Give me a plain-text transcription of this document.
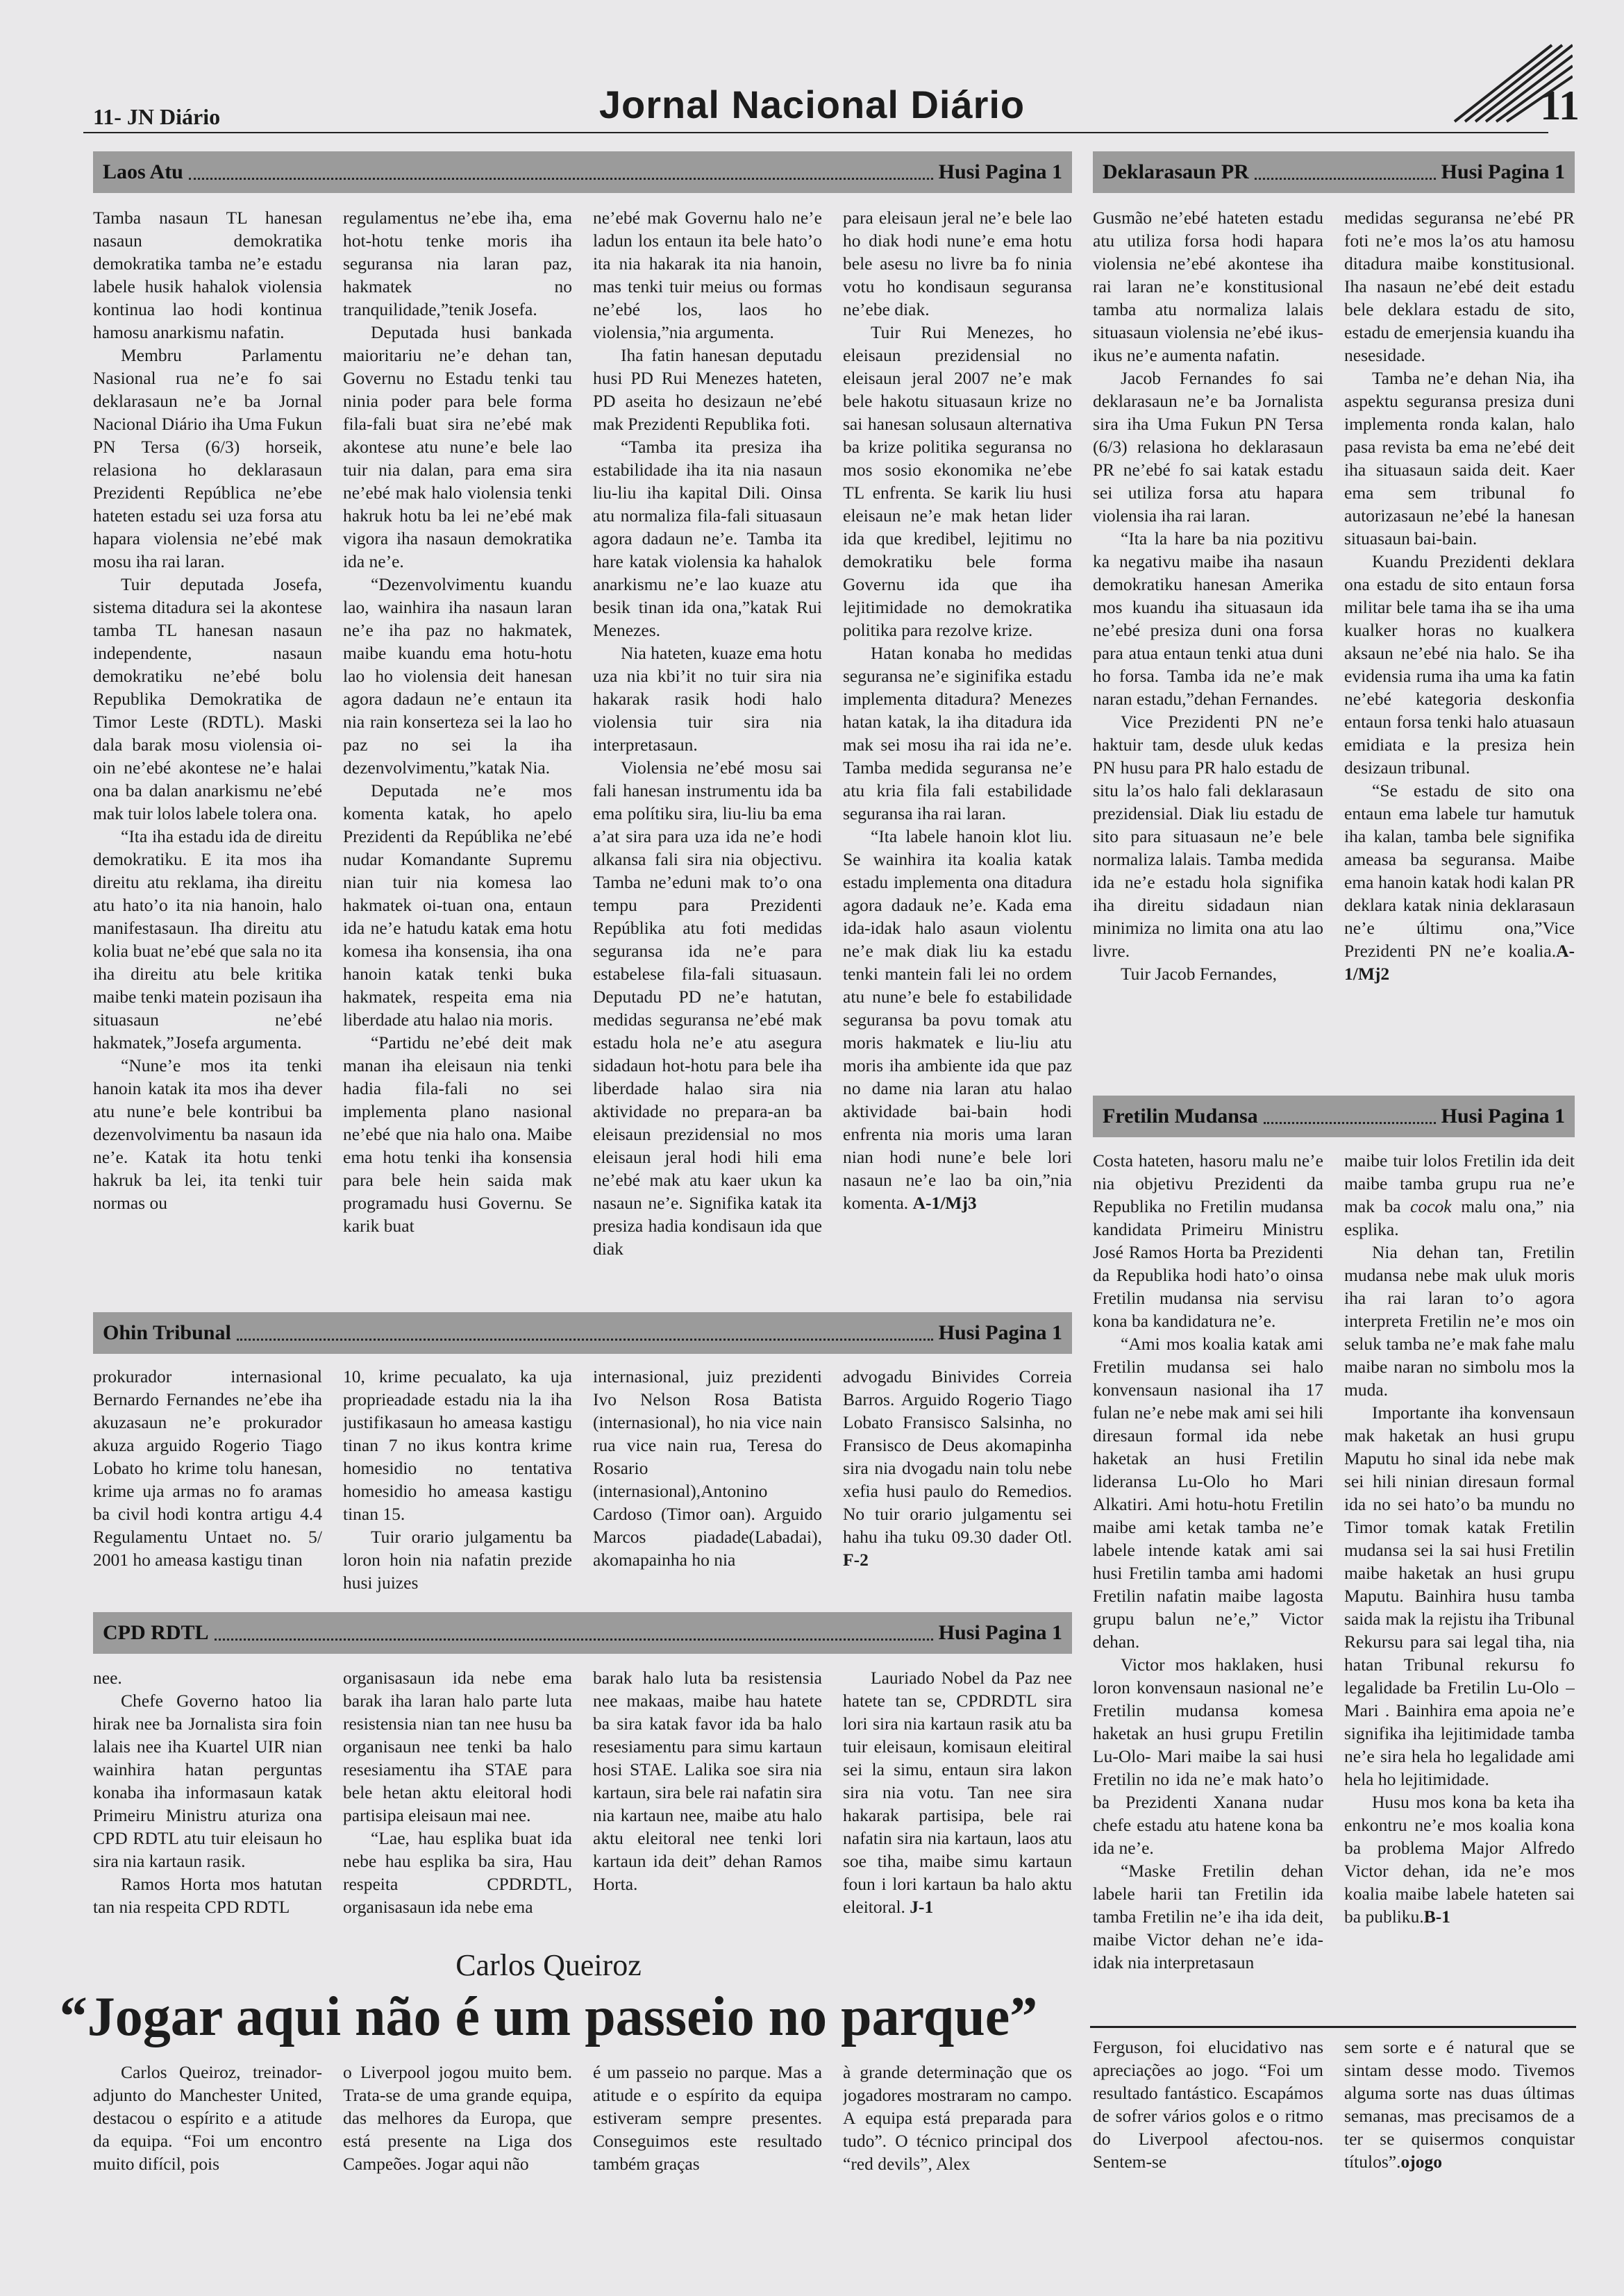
Jornal Nacional Diário
11- JN Diário	11
Laos Atu	Husi Pagina 1 Deklarasaun PR	Husi Pagina 1
Ohin Tribunal	Husi Pagina 1
Fretilin Mudansa	Husi Pagina 1
CPD RDTL	Husi Pagina 1

Tamba nasaun TL hanesan nasaun demokratika demokratika tamba ne’e estadu labele husik hahalok violensia kontinua lao hodi kontinua hamosu anarkismu nafatin.

Membru Parlamentu Nasional rua ne’e fo sai deklarasaun ne’e ba Jornal Nacional Diário iha Uma Fukun PN Tersa (6/3) horseik, relasiona ho deklarasaun Prezidenti República ne’ebe hateten estadu sei uza forsa atu hapara violensia ne’ebé mak mosu iha rai laran.

Tuir deputada Josefa, sistema ditadura sei la akontese tamba TL hanesan nasaun independente, nasaun demokratiku ne’ebé bolu Republika Demokratika de Timor Leste (RDTL). Maski dala barak mosu violensia oi-oin ne’ebé akontese ne’e halai ona ba dalan anarkismu ne’ebé mak tuir lolos labele tolera ona.

“Ita iha estadu ida de direitu demokratiku. E ita mos iha direitu atu reklama, iha direitu atu hato’o ita nia hanoin, halo manifestasaun. Iha direitu atu kolia buat ne’ebé que sala no ita iha direitu atu bele kritika maibe tenki matein pozisaun iha situasaun ne’ebé hakmatek,”Josefa argumenta.

“Nune’e mos ita tenki hanoin katak ita mos iha dever atu nune’e bele kontribui ba dezenvolvimentu ba nasaun ida ne’e. Katak ita hotu tenki hakruk ba lei, ita tenki tuir normas ou

regulamentus ne’ebe iha, ema hot-hotu tenke moris iha seguransa nia laran paz, hakmatek no tranquilidade,”tenik Josefa.

Deputada husi bankada maioritariu ne’e dehan tan, Governu no Estadu tenki tau ninia poder para bele forma fila-fali buat sira ne’ebé mak akontese atu nune’e bele lao tuir nia dalan, para ema sira ne’ebé mak halo violensia tenki hakruk hotu ba lei ne’ebé mak vigora iha nasaun demokratika ida ne’e.

“Dezenvolvimentu kuandu lao, wainhira iha nasaun laran ne’e iha paz no hakmatek, maibe kuandu ema hotu-hotu lao ho violensia deit hanesan agora dadaun ne’e entaun ita nia rain konserteza sei la lao ho paz no sei la iha dezenvolvimentu,”katak Nia.

Deputada ne’e mos komenta katak, ho apelo Prezidenti da Repúblika ne’ebé nudar Komandante Supremu nian tuir nia komesa lao hakmatek oi-tuan ona, entaun ida ne’e hatudu katak ema hotu komesa iha konsensia, iha ona hanoin katak tenki buka hakmatek, respeita ema nia liberdade atu halao nia moris.

“Partidu ne’ebé deit mak manan iha eleisaun nia tenki hadia fila-fali no sei implementa plano nasional ne’ebé que nia halo ona. Maibe ema hotu tenki iha konsensia para bele hein saida mak programadu husi Governu. Se karik buat

ne’ebé mak Governu halo ne’e ladun los entaun ita bele hato’o ita nia hakarak ita nia hanoin, mas tenki tuir meius ou formas ne’ebé los, laos ho violensia,”nia argumenta.

Iha fatin hanesan deputadu husi PD Rui Menezes hateten, PD aseita ho desizaun ne’ebé mak Prezidenti Republika foti.

“Tamba ita presiza iha estabilidade iha ita nia nasaun liu-liu iha kapital Dili. Oinsa atu normaliza fila-fali situasaun agora dadaun ne’e. Tamba ita hare katak violensia ka hahalok anarkismu ne’e lao kuaze atu besik tinan ida ona,”katak Rui Menezes.

Nia hateten, kuaze ema hotu uza nia kbi’it no tuir sira nia hakarak rasik hodi halo violensia tuir sira nia interpretasaun.

Violensia ne’ebé mosu sai fali hanesan instrumentu ida ba ema polítiku sira, liu-liu ba ema a’at sira para uza ida ne’e hodi alkansa fali sira nia objectivu. Tamba ne’eduni mak to’o ona tempu para Prezidenti Repúblika atu foti medidas seguransa ida ne’e para estabelese fila-fali situasaun. Deputadu PD ne’e hatutan, medidas seguransa ne’ebé mak estadu hola ne’e atu asegura sidadaun hot-hotu para bele iha liberdade halao sira nia aktividade no prepara-an ba eleisaun prezidensial no mos eleisaun jeral hodi hili ema ne’ebé mak atu kaer ukun ka nasaun ne’e. Signifika katak ita presiza hadia kondisaun ida que diak

para eleisaun jeral ne’e bele lao ho diak hodi nune’e ema hotu bele asesu no livre ba fo ninia votu ho kondisaun seguransa ne’ebe diak.

Tuir Rui Menezes, ho eleisaun prezidensial no eleisaun jeral 2007 ne’e mak bele hakotu situasaun krize no sai hanesan solusaun alternativa ba krize politika seguransa no mos sosio ekonomika ne’ebe TL enfrenta. Se karik liu husi eleisaun ne’e mak hetan lider ida que kredibel, lejitimu no demokratiku bele forma Governu ida que iha lejitimidade no demokratika politika para rezolve krize.

Hatan konaba ho medidas seguransa ne’e siginifika estadu implementa ditadura? Menezes hatan katak, la iha ditadura ida mak sei mosu iha rai ida ne’e. Tamba medida seguransa ne’e atu kria fila fali estabilidade seguransa iha rai laran.

“Ita labele hanoin klot liu. Se wainhira ita koalia katak estadu implementa ona ditadura agora dadauk ne’e. Kada ema ida-idak halo asaun violentu ne’e mak diak liu ka estadu tenki mantein fali lei no ordem atu nune’e bele fo estabilidade seguransa ba povu tomak atu moris hakmatek e liu-liu atu moris iha ambiente ida que paz no dame nia laran atu halao aktividade bai-bain hodi enfrenta nia moris uma laran nian hodi nune’e bele lori nasaun ne’e lao ba oin,”nia komenta. A-1/Mj3

Gusmão ne’ebé hateten estadu atu utiliza forsa hodi hapara violensia ne’ebé akontese iha rai laran ne’e konstitusional tamba atu normaliza lalais situasaun violensia ne’ebé ikus-ikus ne’e aumenta nafatin.

Jacob Fernandes fo sai deklarasaun ne’e ba Jornalista sira iha Uma Fukun PN Tersa (6/3) relasiona ho deklarasaun PR ne’ebé fo sai katak estadu sei utiliza forsa atu hapara violensia iha rai laran.

“Ita la hare ba nia pozitivu ka negativu maibe iha nasaun demokratiku hanesan Amerika mos kuandu iha situasaun ida ne’ebé presiza duni ona forsa para atua entaun tenki atua duni ho forsa. Tamba ida ne’e mak naran estadu,”dehan Fernandes.

Vice Prezidenti PN ne’e haktuir tam, desde uluk kedas PN husu para PR halo estadu de situ la’os halo fali deklarasaun prezidensial. Diak liu estadu de sito para situasaun ne’e bele normaliza lalais. Tamba medida ida ne’e estadu hola signifika iha direitu sidadaun nian minimiza no limita ona atu lao livre.

Tuir Jacob Fernandes,

medidas seguransa ne’ebé PR foti ne’e mos la’os atu hamosu ditadura maibe konstitusional. Iha nasaun ne’ebé deit estadu bele deklara estadu de sito, estadu de emerjensia kuandu iha nesesidade.

Tamba ne’e dehan Nia, iha aspektu seguransa presiza duni implementa ronda kalan, halo pasa revista ba ema ne’ebé deit iha situasaun saida deit. Kaer ema sem tribunal fo autorizasaun ne’ebé la hanesan situasaun bai-bain.

Kuandu Prezidenti deklara ona estadu de sito entaun forsa militar bele tama iha se iha uma kualker horas no kualkera aksaun ne’ebé nia halo. Se iha evidensia ruma iha uma ka fatin ne’ebé kategoria deskonfia entaun forsa tenki halo atuasaun emidiata e la presiza hein desizaun tribunal.

“Se estadu de sito ona entaun ema labele tur hamutuk iha kalan, tamba bele signifika ameasa ba seguransa. Maibe ema hanoin katak hodi kalan PR deklara katak ninia deklarasaun ne’e últimu ona,”Vice Prezidenti PN ne’e koalia.A-1/Mj2

prokurador internasional Bernardo Fernandes ne’ebe iha akuzasaun ne’e prokurador akuza arguido Rogerio Tiago Lobato ho krime tolu hanesan, krime uja armas no fo aramas ba civil hodi kontra artigu 4.4 Regulamentu Untaet no. 5/ 2001 ho ameasa kastigu tinan

10, krime pecualato, ka uja proprieadade estadu nia la iha justifikasaun ho ameasa kastigu tinan 7 no ikus kontra krime homesidio no tentativa homesidio ho ameasa kastigu tinan 15.

Tuir orario julgamentu ba loron hoin nia nafatin prezide husi juizes

internasional, juiz prezidenti Ivo Nelson Rosa Batista (internasional), ho nia vice nain rua vice nain rua, Teresa do Rosario (internasional),Antonino Cardoso (Timor oan). Arguido Marcos piadade(Labadai), akomapainha ho nia

advogadu Binivides Correia Barros. Arguido Rogerio Tiago Lobato Fransisco Salsinha, no Fransisco de Deus akomapinha sira nia dvogadu nain tolu nebe xefia husi paulo do Remedios. No tuir orario julgamentu sei hahu iha tuku 09.30 dader Otl. F-2

nee.

Chefe Governo hatoo lia hirak nee ba Jornalista sira foin lalais nee iha Kuartel UIR nian wainhira hatan perguntas konaba iha informasaun katak Primeiru Ministru aturiza ona CPD RDTL atu tuir eleisaun ho sira nia kartaun rasik.

Ramos Horta mos hatutan tan nia respeita CPD RDTL

organisasaun ida nebe ema barak iha laran halo parte luta resistensia nian tan nee husu ba organisaun nee tenki ba halo resesiamentu iha STAE para bele hetan aktu eleitoral hodi partisipa eleisaun mai nee.

“Lae, hau esplika buat ida nebe hau esplika ba sira, Hau respeita CPDRDTL, organisasaun ida nebe ema

barak halo luta ba resistensia nee makaas, maibe hau hatete ba sira katak favor ida ba halo resesiamentu para simu kartaun hosi STAE. Lalika soe sira nia kartaun, sira bele rai nafatin sira nia kartaun nee, maibe atu halo aktu eleitoral nee tenki lori kartaun ida deit” dehan Ramos Horta.

Lauriado Nobel da Paz nee hatete tan se, CPDRDTL sira lori sira nia kartaun rasik atu ba tuir eleisaun, komisaun eleitiral sei la simu, entaun sira lakon sira nia votu. Tan nee sira hakarak partisipa, bele rai nafatin sira nia kartaun, laos atu soe tiha, maibe simu kartaun foun i lori kartaun ba halo aktu eleitoral. J-1

Costa hateten, hasoru malu ne’e nia objetivu Prezidenti da Republika no Fretilin mudansa kandidata Primeiru Ministru José Ramos Horta ba Prezidenti da Republika hodi hato’o oinsa Fretilin mudansa nia servisu kona ba kandidatura ne’e.

“Ami mos koalia katak ami Fretilin mudansa sei halo konvensaun nasional iha 17 fulan ne’e nebe mak ami sei hili diresaun formal ida nebe haketak an husi Fretilin lideransa Lu-Olo ho Mari Alkatiri. Ami hotu-hotu Fretilin maibe ami ketak tamba ne’e labele intende katak ami sai husi Fretilin tamba ami hadomi Fretilin nafatin maibe lagosta grupu balun ne’e,” Victor dehan.

Victor mos haklaken, husi loron konvensaun nasional ne’e Fretilin mudansa komesa haketak an husi grupu Fretilin Lu-Olo- Mari maibe la sai husi Fretilin no ida ne’e mak hato’o ba Prezidenti Xanana nudar chefe estadu atu hatene kona ba ida ne’e.

“Maske Fretilin dehan labele harii tan Fretilin ida tamba Fretilin ne’e iha ida deit, maibe Victor dehan ne’e ida-idak nia interpretasaun

maibe tuir lolos Fretilin ida deit maibe tamba grupu rua ne’e mak ba cocok malu ona,” nia esplika.

Nia dehan tan, Fretilin mudansa nebe mak uluk moris iha rai laran to’o agora interpreta Fretilin ne’e mos oin seluk tamba ne’e mak fahe malu maibe naran no simbolu mos la muda.

Importante iha konvensaun mak haketak an husi grupu Maputu ho sinal ida nebe mak sei hili ninian diresaun formal ida no sei hato’o ba mundu no Timor tomak katak Fretilin mudansa sei la sai husi Fretilin maibe haketak an husi grupu Maputu. Bainhira husu tamba saida mak la rejistu iha Tribunal Rekursu para sai legal tiha, nia hatan Tribunal rekursu fo legalidade ba Fretilin Lu-Olo –Mari . Bainhira ema apoia ne’e signifika iha lejitimidade tamba ne’e sira hela ho legalidade ami hela ho lejitimidade.

Husu mos kona ba keta iha enkontru ne’e mos koalia kona ba problema Major Alfredo Victor dehan, ida ne’e mos koalia maibe labele hateten sai ba publiku.B-1

Carlos Queiroz
“Jogar aqui não é um passeio no parque”

Carlos Queiroz, treinador-adjunto do Manchester United, destacou o espírito e a atitude da equipa. “Foi um encontro muito difícil, pois

o Liverpool jogou muito bem. Trata-se de uma grande equipa, das melhores da Europa, que está presente na Liga dos Campeões. Jogar aqui não

é um passeio no parque. Mas a atitude e o espírito da equipa estiveram sempre presentes. Conseguimos este resultado também graças

à grande determinação que os jogadores mostraram no campo. A equipa está preparada para tudo”. O técnico principal dos “red devils”, Alex

Ferguson, foi elucidativo nas apreciações ao jogo. “Foi um resultado fantástico. Escapámos de sofrer vários golos e o ritmo do Liverpool afectou-nos. Sentem-se

sem sorte e é natural que se sintam desse modo. Tivemos alguma sorte nas duas últimas semanas, mas precisamos de a ter se quisermos conquistar títulos”.ojogo
